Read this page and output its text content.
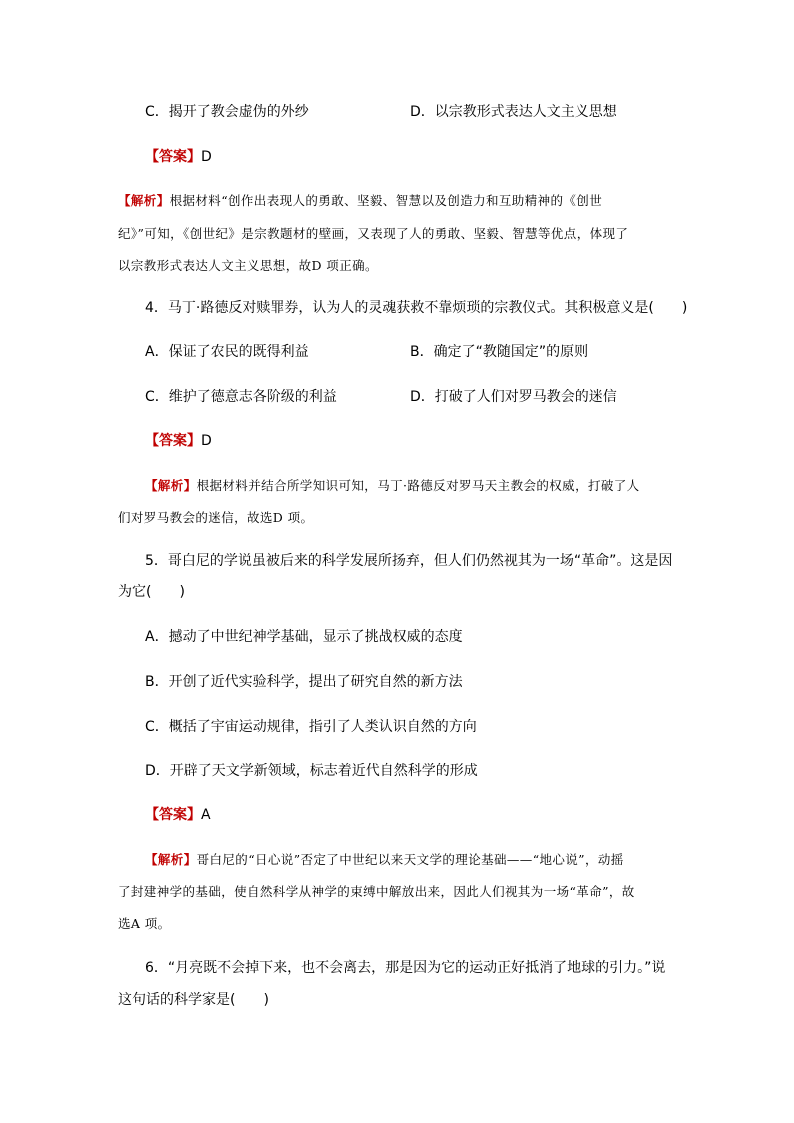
C．揭开了教会虚伪的外纱	D．以宗教形式表达人文主义思想
【答案】D
【解析】根据材料“创作出表现人的勇敢、坚毅、智慧以及创造力和互助精神的《创世
纪》”可知，《创世纪》是宗教题材的壁画，又表现了人的勇敢、坚毅、智慧等优点，体现了
以宗教形式表达人文主义思想，故D 项正确。
4．马丁·路德反对赎罪券，认为人的灵魂获救不靠烦琐的宗教仪式。其积极意义是(　　)
A．保证了农民的既得利益	B．确定了“教随国定”的原则
C．维护了德意志各阶级的利益	D．打破了人们对罗马教会的迷信
【答案】D
【解析】根据材料并结合所学知识可知，马丁·路德反对罗马天主教会的权威，打破了人
们对罗马教会的迷信，故选D 项。
5．哥白尼的学说虽被后来的科学发展所扬弃，但人们仍然视其为一场“革命”。这是因
为它(　　)
A．撼动了中世纪神学基础，显示了挑战权威的态度
B．开创了近代实验科学，提出了研究自然的新方法
C．概括了宇宙运动规律，指引了人类认识自然的方向
D．开辟了天文学新领域，标志着近代自然科学的形成
【答案】A
【解析】哥白尼的“日心说”否定了中世纪以来天文学的理论基础——“地心说”，动摇
了封建神学的基础，使自然科学从神学的束缚中解放出来，因此人们视其为一场“革命”，故
选A 项。
6．“月亮既不会掉下来，也不会离去，那是因为它的运动正好抵消了地球的引力。”说
这句话的科学家是(　　)
